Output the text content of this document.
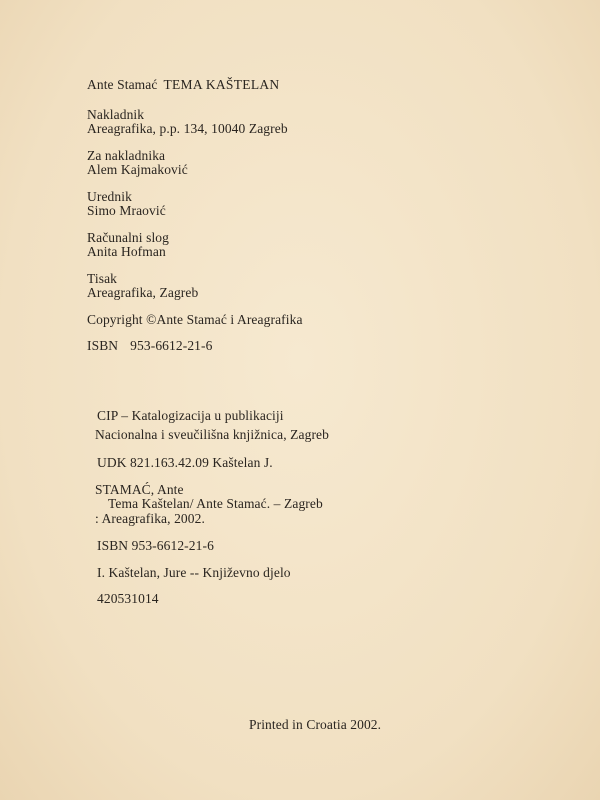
Ante Stamać TEMA KAŠTELAN
Nakladnik
Areagrafika, p.p. 134, 10040 Zagreb
Za nakladnika
Alem Kajmaković
Urednik
Simo Mraović
Računalni slog
Anita Hofman
Tisak
Areagrafika, Zagreb
Copyright ©Ante Stamać i Areagrafika
ISBN 953-6612-21-6
CIP – Katalogizacija u publikaciji
Nacionalna i sveučilišna knjižnica, Zagreb
UDK 821.163.42.09 Kaštelan J.
STAMAĆ, Ante
Tema Kaštelan/ Ante Stamać. – Zagreb
: Areagrafika, 2002.
ISBN 953-6612-21-6
I. Kaštelan, Jure -- Književno djelo
420531014
Printed in Croatia 2002.
